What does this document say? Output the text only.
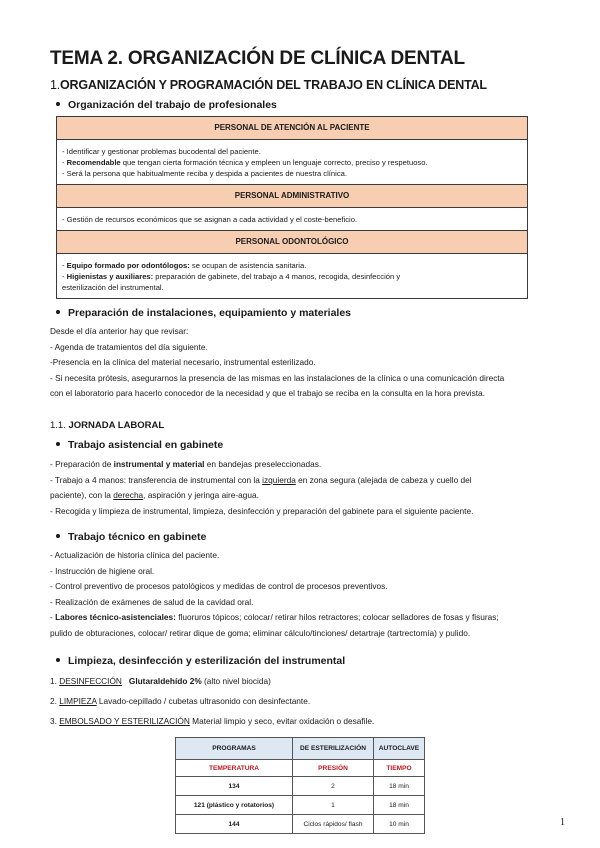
TEMA 2. ORGANIZACIÓN DE CLÍNICA DENTAL
1.ORGANIZACIÓN Y PROGRAMACIÓN DEL TRABAJO EN CLÍNICA DENTAL
Organización del trabajo de profesionales
PERSONAL DE ATENCIÓN AL PACIENTE
- Identificar y gestionar problemas bucodental del paciente.
- Recomendable que tengan cierta formación técnica y empleen un lenguaje correcto, preciso y respetuoso.
- Será la persona que habitualmente reciba y despida a pacientes de nuestra clínica.
PERSONAL ADMINISTRATIVO
- Gestión de recursos económicos que se asignan a cada actividad y el coste-beneficio.
PERSONAL ODONTOLÓGICO
- Equipo formado por odontólogos: se ocupan de asistencia sanitaria.
- Higienistas y auxiliares: preparación de gabinete, del trabajo a 4 manos, recogida, desinfección y
esterilización del instrumental.
Preparación de instalaciones, equipamiento y materiales
Desde el día anterior hay que revisar:
- Agenda de tratamientos del día siguiente.
-Presencia en la clínica del material necesario, instrumental esterilizado.
- Si necesita prótesis, asegurarnos la presencia de las mismas en las instalaciones de la clínica o una comunicación directa
con el laboratorio para hacerlo conocedor de la necesidad y que el trabajo se reciba en la consulta en la hora prevista.
1.1. JORNADA LABORAL
Trabajo asistencial en gabinete
- Preparación de instrumental y material en bandejas preseleccionadas.
- Trabajo a 4 manos: transferencia de instrumental con la izquierda en zona segura (alejada de cabeza y cuello del
paciente), con la derecha, aspiración y jeringa aire-agua.
- Recogida y limpieza de instrumental, limpieza, desinfección y preparación del gabinete para el siguiente paciente.
Trabajo técnico en gabinete
- Actualización de historia clínica del paciente.
- Instrucción de higiene oral.
- Control preventivo de procesos patológicos y medidas de control de procesos preventivos.
- Realización de exámenes de salud de la cavidad oral.
- Labores técnico-asistenciales: fluoruros tópicos; colocar/ retirar hilos retractores; colocar selladores de fosas y fisuras;
pulido de obturaciones, colocar/ retirar dique de goma; eliminar cálculo/tinciones/ detartraje (tartrectomía) y pulido.
Limpieza, desinfección y esterilización del instrumental
1. DESINFECCIÓN Glutaraldehído 2% (alto nivel biocida)
2. LIMPIEZA Lavado-cepillado / cubetas ultrasonido con desinfectante.
3. EMBOLSADO Y ESTERILIZACIÓN Material limpio y seco, evitar oxidación o desafile.
PROGRAMAS	DE ESTERILIZACIÓN	AUTOCLAVE
TEMPERATURA	PRESIÓN	TIEMPO
134	2	18 min
121 (plástico y rotatorios)	1	18 min
144	Ciclos rápidos/ flash	10 min	1
